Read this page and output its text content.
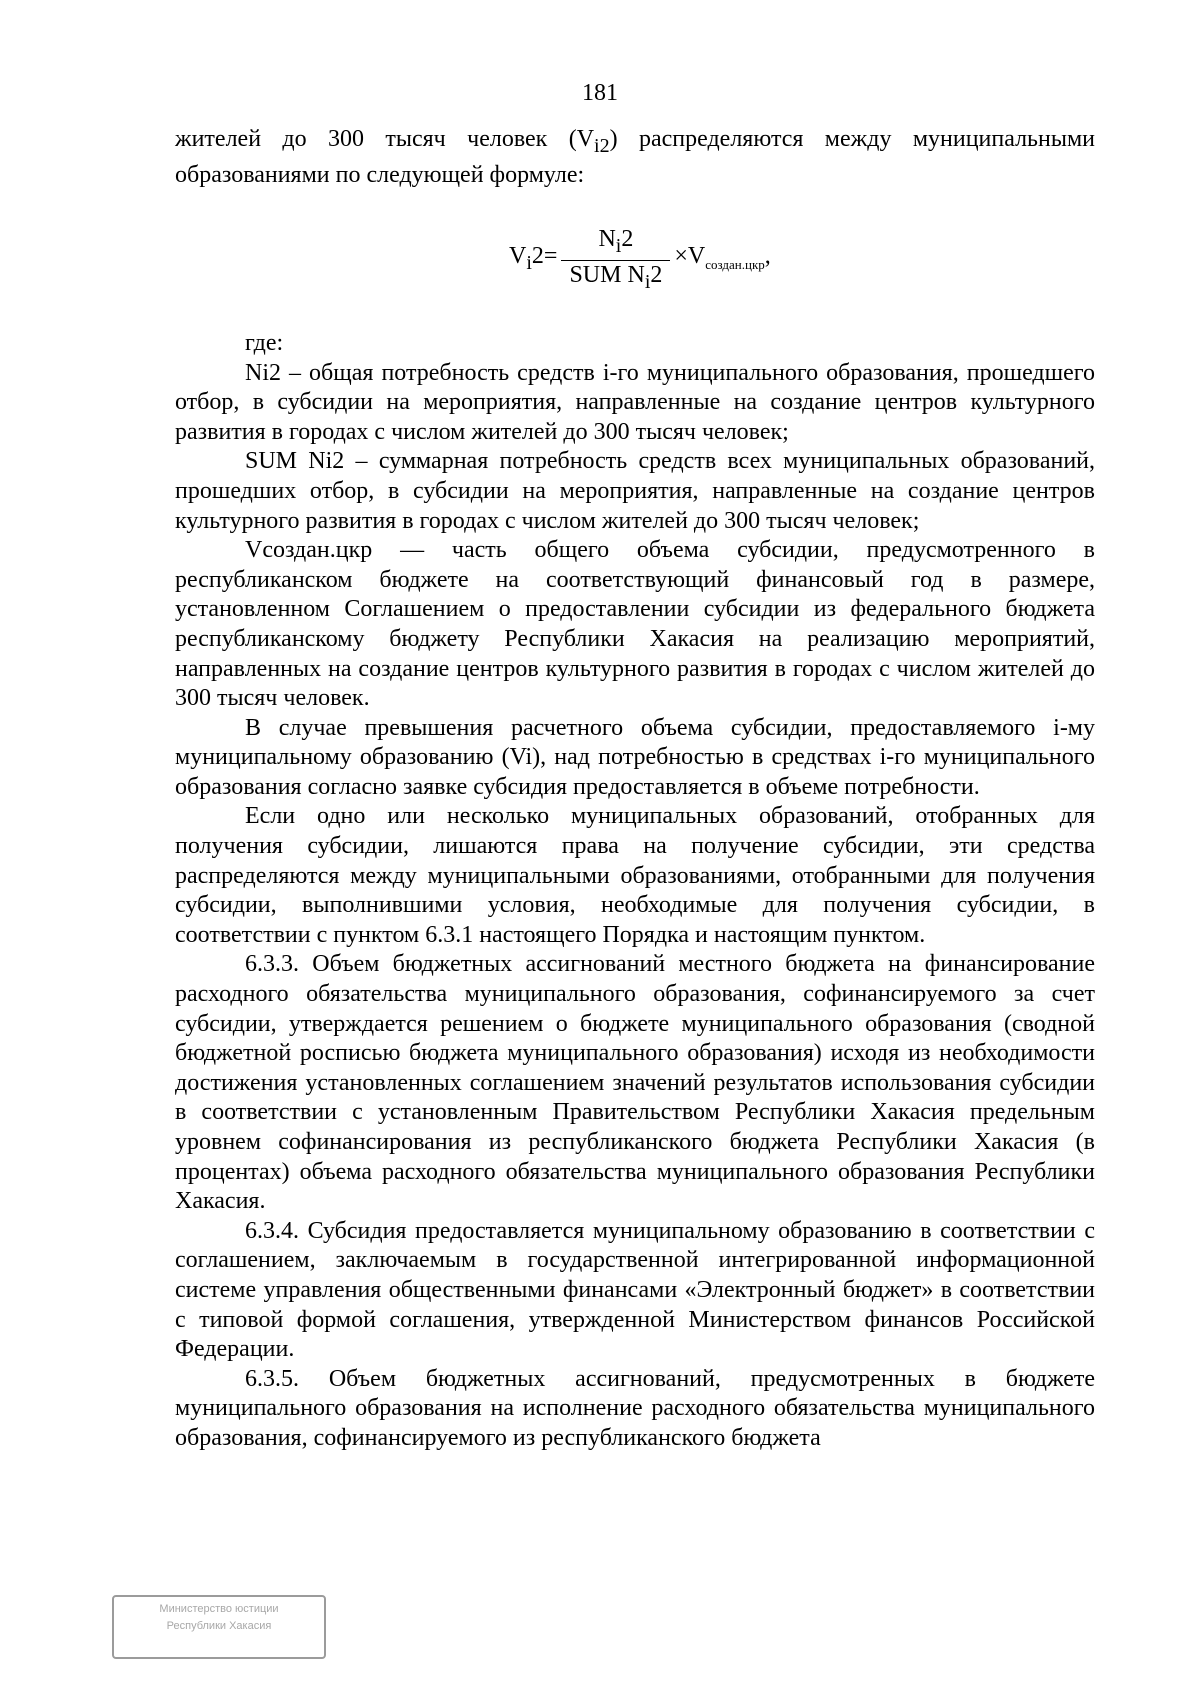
181

жителей до 300 тысяч человек $(V_{i2})$ распределяются между муниципальными образованиями по следующей формуле:

$V_i2= \frac{N_i2}{SUM N_i2} \times V_{создан.цкр}$,

где:

Ni2 – общая потребность средств i-го муниципального образования, прошедшего отбор, в субсидии на мероприятия, направленные на создание центров культурного развития в городах с числом жителей до 300 тысяч человек;

SUM Ni2 – суммарная потребность средств всех муниципальных образований, прошедших отбор, в субсидии на мероприятия, направленные на создание центров культурного развития в городах с числом жителей до 300 тысяч человек;

Vсоздан.цкр — часть общего объема субсидии, предусмотренного в республиканском бюджете на соответствующий финансовый год в размере, установленном Соглашением о предоставлении субсидии из федерального бюджета республиканскому бюджету Республики Хакасия на реализацию мероприятий, направленных на создание центров культурного развития в городах с числом жителей до 300 тысяч человек.

В случае превышения расчетного объема субсидии, предоставляемого i-му муниципальному образованию (Vi), над потребностью в средствах i-го муниципального образования согласно заявке субсидия предоставляется в объеме потребности.

Если одно или несколько муниципальных образований, отобранных для получения субсидии, лишаются права на получение субсидии, эти средства распределяются между муниципальными образованиями, отобранными для получения субсидии, выполнившими условия, необходимые для получения субсидии, в соответствии с пунктом 6.3.1 настоящего Порядка и настоящим пунктом.

6.3.3. Объем бюджетных ассигнований местного бюджета на финансирование расходного обязательства муниципального образования, софинансируемого за счет субсидии, утверждается решением о бюджете муниципального образования (сводной бюджетной росписью бюджета муниципального образования) исходя из необходимости достижения установленных соглашением значений результатов использования субсидии в соответствии с установленным Правительством Республики Хакасия предельным уровнем софинансирования из республиканского бюджета Республики Хакасия (в процентах) объема расходного обязательства муниципального образования Республики Хакасия.

6.3.4. Субсидия предоставляется муниципальному образованию в соответствии с соглашением, заключаемым в государственной интегрированной информационной системе управления общественными финансами «Электронный бюджет» в соответствии с типовой формой соглашения, утвержденной Министерством финансов Российской Федерации.

6.3.5. Объем бюджетных ассигнований, предусмотренных в бюджете муниципального образования на исполнение расходного обязательства муниципального образования, софинансируемого из республиканского бюджета

Министерство юстиции
Республики Хакасия
